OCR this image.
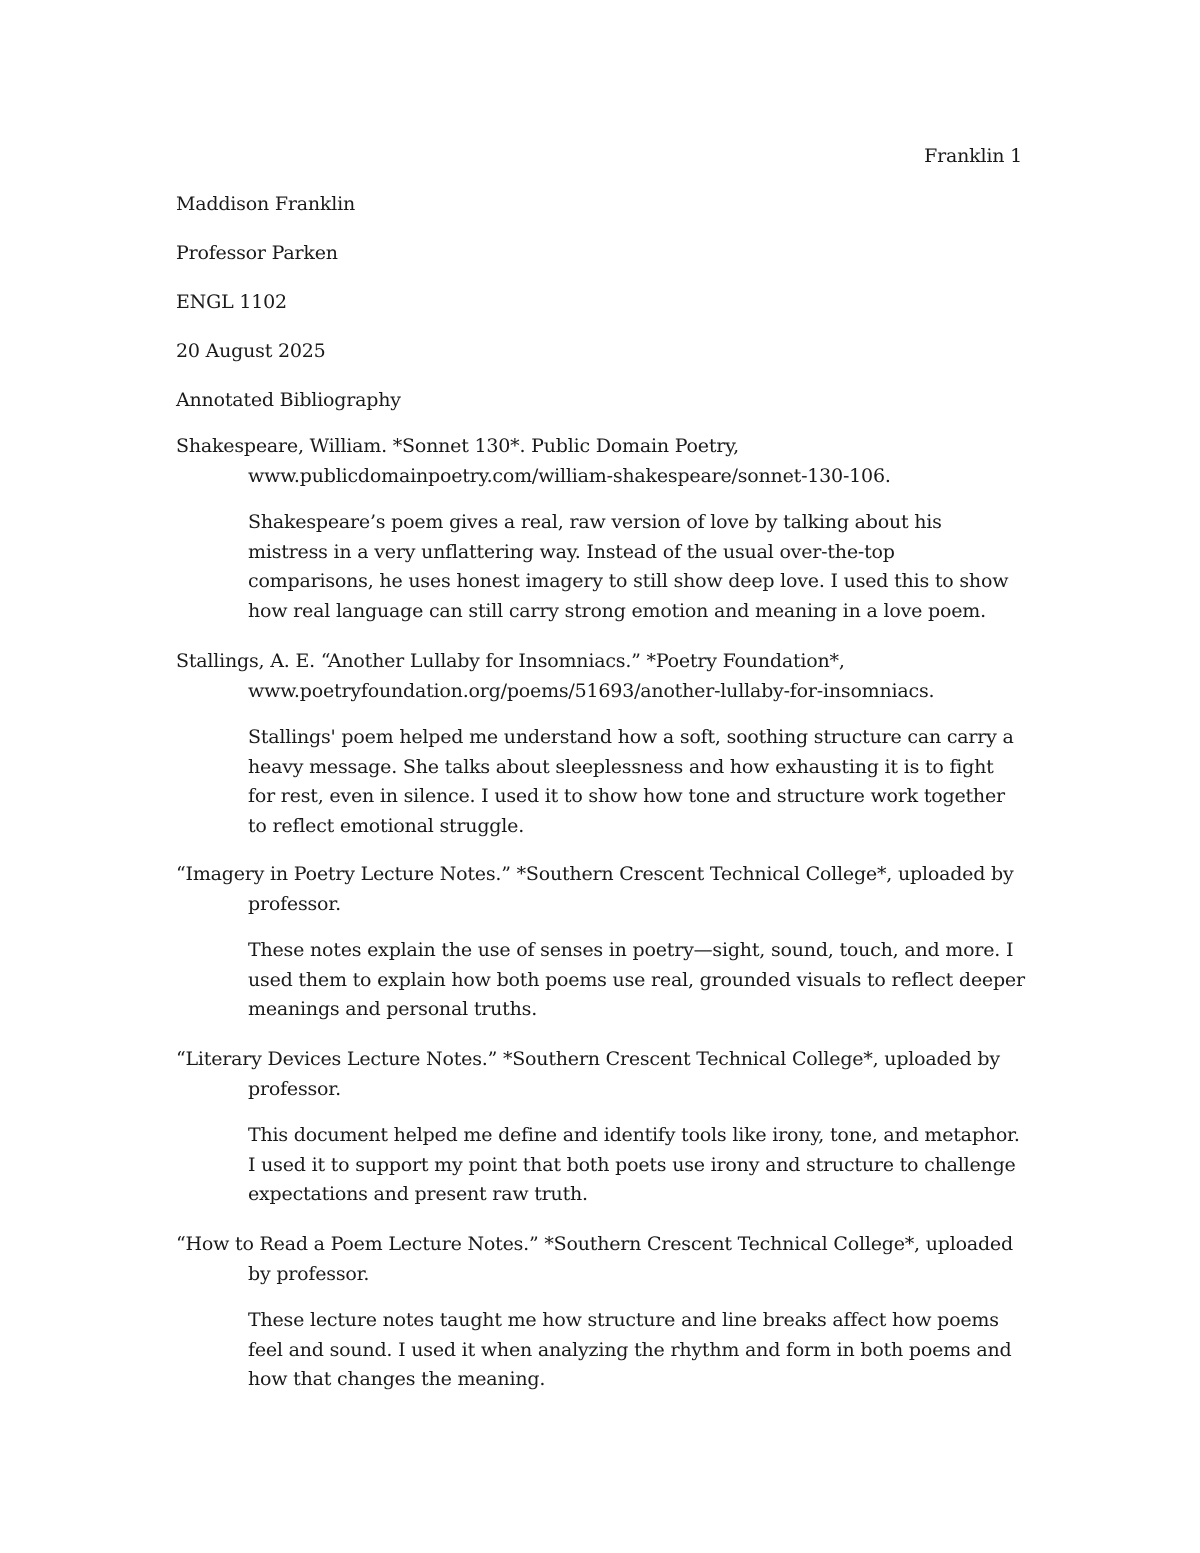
Franklin 1
Maddison Franklin
Professor Parken
ENGL 1102
20 August 2025
Annotated Bibliography

Shakespeare, William. *Sonnet 130*. Public Domain Poetry, www.publicdomainpoetry.com/william-shakespeare/sonnet-130-106.

Shakespeare’s poem gives a real, raw version of love by talking about his mistress in a very unflattering way. Instead of the usual over-the-top comparisons, he uses honest imagery to still show deep love. I used this to show how real language can still carry strong emotion and meaning in a love poem.

Stallings, A. E. “Another Lullaby for Insomniacs.” *Poetry Foundation*, www.poetryfoundation.org/poems/51693/another-lullaby-for-insomniacs.

Stallings' poem helped me understand how a soft, soothing structure can carry a heavy message. She talks about sleeplessness and how exhausting it is to fight for rest, even in silence. I used it to show how tone and structure work together to reflect emotional struggle.

“Imagery in Poetry Lecture Notes.” *Southern Crescent Technical College*, uploaded by professor.

These notes explain the use of senses in poetry—sight, sound, touch, and more. I used them to explain how both poems use real, grounded visuals to reflect deeper meanings and personal truths.

“Literary Devices Lecture Notes.” *Southern Crescent Technical College*, uploaded by professor.

This document helped me define and identify tools like irony, tone, and metaphor. I used it to support my point that both poets use irony and structure to challenge expectations and present raw truth.

“How to Read a Poem Lecture Notes.” *Southern Crescent Technical College*, uploaded by professor.

These lecture notes taught me how structure and line breaks affect how poems feel and sound. I used it when analyzing the rhythm and form in both poems and how that changes the meaning.
